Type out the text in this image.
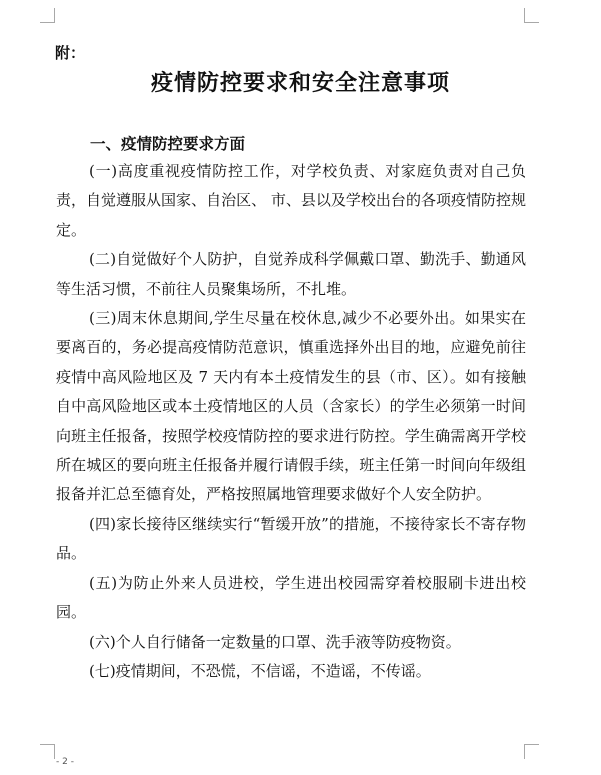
附：
疫情防控要求和安全注意事项
一、疫情防控要求方面

(一)高度重视疫情防控工作，对学校负责、对家庭负责对自己负责，自觉遵服从国家、自治区、 市、县以及学校出台的各项疫情防控规定。

(二)自觉做好个人防护，自觉养成科学佩戴口罩、勤洗手、勤通风等生活习惯，不前往人员聚集场所，不扎堆。

(三)周末休息期间,学生尽量在校休息,减少不必要外出。如果实在要离百的，务必提高疫情防范意识，慎重选择外出目的地，应避免前往疫情中高风险地区及 7 天内有本土疫情发生的县（市、区）。如有接触自中高风险地区或本土疫情地区的人员（含家长）的学生必须第一时间向班主任报备，按照学校疫情防控的要求进行防控。学生确需离开学校所在城区的要向班主任报备并履行请假手续，班主任第一时间向年级组报备并汇总至德育处，严格按照属地管理要求做好个人安全防护。

(四)家长接待区继续实行“暂缓开放”的措施，不接待家长不寄存物品。

(五)为防止外来人员进校，学生进出校园需穿着校服刷卡进出校园。

(六)个人自行储备一定数量的口罩、洗手液等防疫物资。

(七)疫情期间，不恐慌，不信谣，不造谣，不传谣。

- 2 -
